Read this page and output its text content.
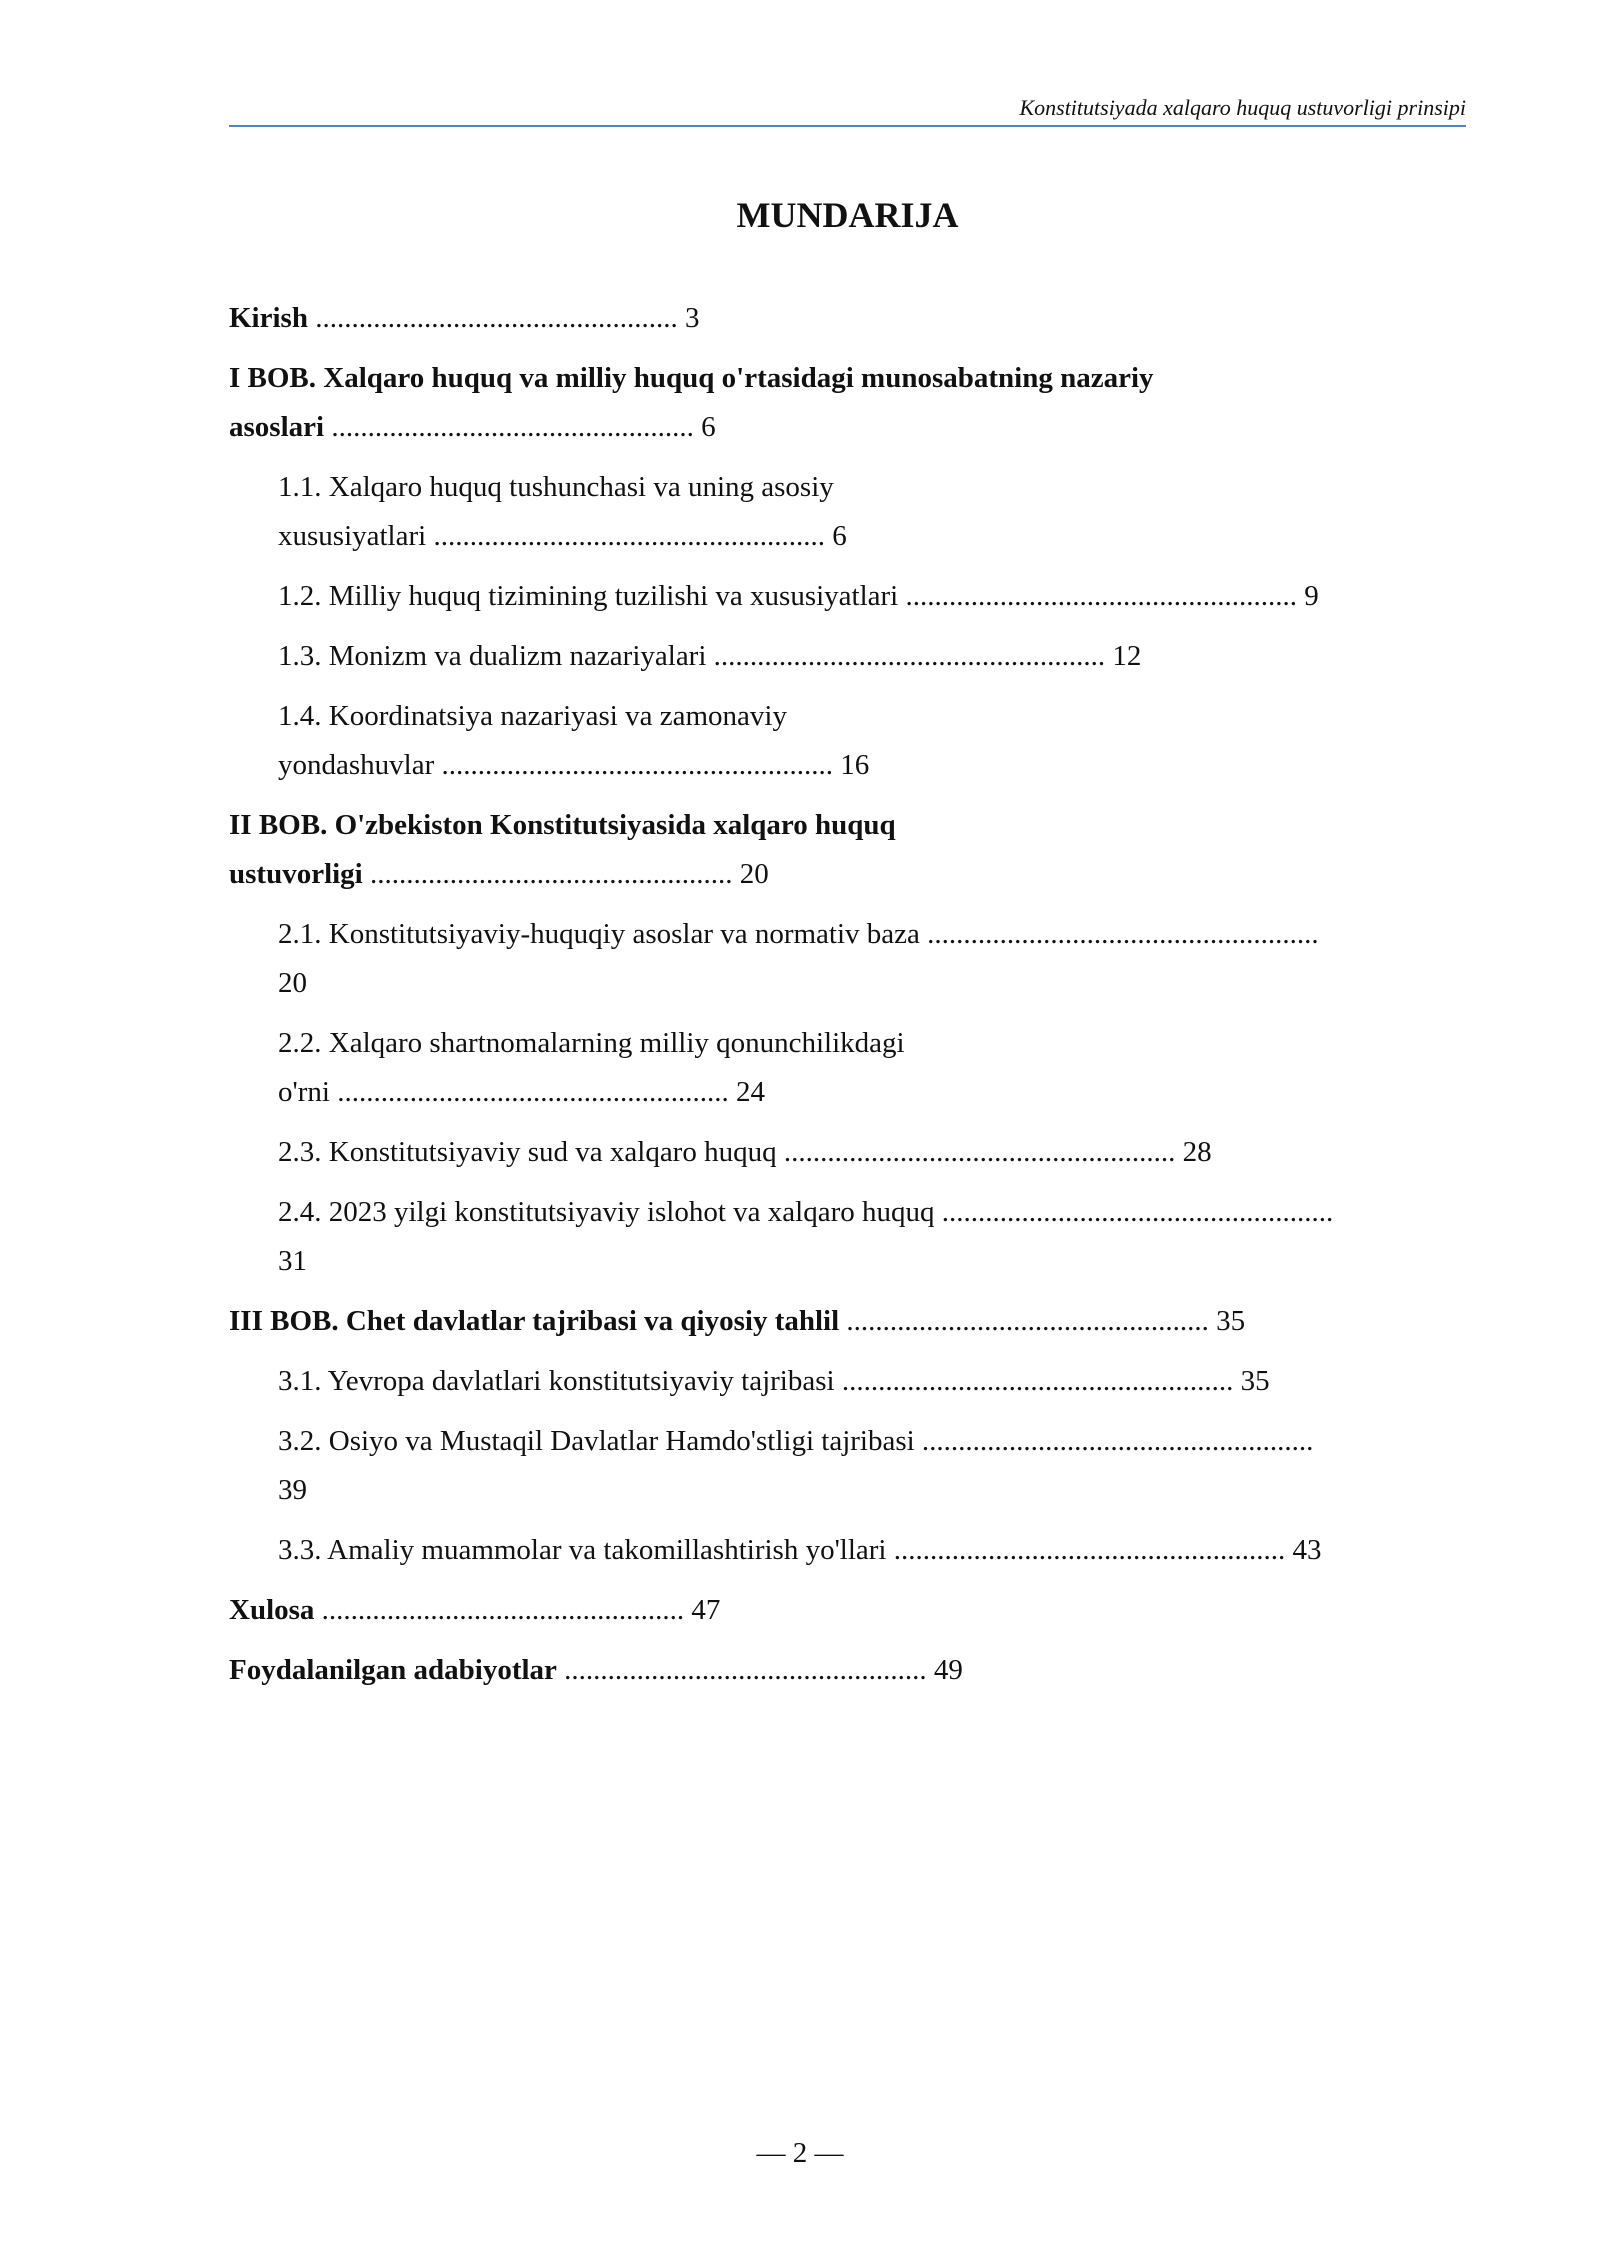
Konstitutsiyada xalqaro huquq ustuvorligi prinsipi
MUNDARIJA
Kirish .................................................. 3
I BOB. Xalqaro huquq va milliy huquq o'rtasidagi munosabatning nazariy
asoslari .................................................. 6
1.1. Xalqaro huquq tushunchasi va uning asosiy
xususiyatlari ...................................................... 6
1.2. Milliy huquq tizimining tuzilishi va xususiyatlari ...................................................... 9
1.3. Monizm va dualizm nazariyalari ...................................................... 12
1.4. Koordinatsiya nazariyasi va zamonaviy
yondashuvlar ...................................................... 16
II BOB. O'zbekiston Konstitutsiyasida xalqaro huquq
ustuvorligi .................................................. 20
2.1. Konstitutsiyaviy-huquqiy asoslar va normativ baza ......................................................
20
2.2. Xalqaro shartnomalarning milliy qonunchilikdagi
o'rni ...................................................... 24
2.3. Konstitutsiyaviy sud va xalqaro huquq ...................................................... 28
2.4. 2023 yilgi konstitutsiyaviy islohot va xalqaro huquq ......................................................
31
III BOB. Chet davlatlar tajribasi va qiyosiy tahlil .................................................. 35
3.1. Yevropa davlatlari konstitutsiyaviy tajribasi ...................................................... 35
3.2. Osiyo va Mustaqil Davlatlar Hamdo'stligi tajribasi ......................................................
39
3.3. Amaliy muammolar va takomillashtirish yo'llari ...................................................... 43
Xulosa .................................................. 47
Foydalanilgan adabiyotlar .................................................. 49
— 2 —
